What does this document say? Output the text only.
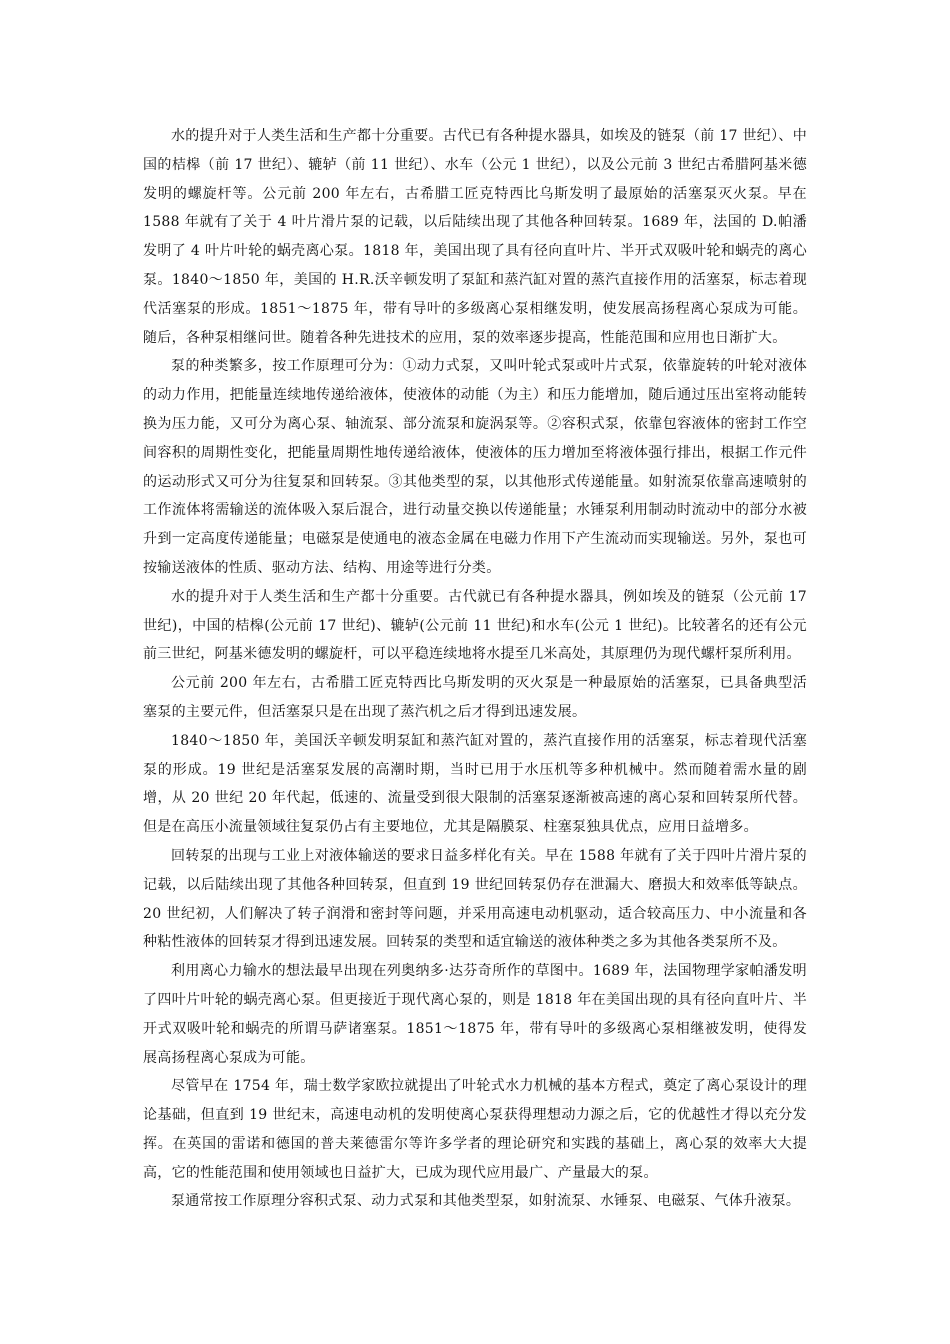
水的提升对于人类生活和生产都十分重要。古代已有各种提水器具，如埃及的链泵（前 17 世纪）、中国的桔槔（前 17 世纪）、辘轳（前 11 世纪）、水车（公元 1 世纪），以及公元前 3 世纪古希腊阿基米德发明的螺旋杆等。公元前 200 年左右，古希腊工匠克特西比乌斯发明了最原始的活塞泵灭火泵。早在 1588 年就有了关于 4 叶片滑片泵的记载，以后陆续出现了其他各种回转泵。1689 年，法国的 D.帕潘发明了 4 叶片叶轮的蜗壳离心泵。1818 年，美国出现了具有径向直叶片、半开式双吸叶轮和蜗壳的离心泵。1840～1850 年，美国的 H.R.沃辛顿发明了泵缸和蒸汽缸对置的蒸汽直接作用的活塞泵，标志着现代活塞泵的形成。1851～1875 年，带有导叶的多级离心泵相继发明，使发展高扬程离心泵成为可能。随后，各种泵相继问世。随着各种先进技术的应用，泵的效率逐步提高，性能范围和应用也日渐扩大。

泵的种类繁多，按工作原理可分为：①动力式泵，又叫叶轮式泵或叶片式泵，依靠旋转的叶轮对液体的动力作用，把能量连续地传递给液体，使液体的动能（为主）和压力能增加，随后通过压出室将动能转换为压力能，又可分为离心泵、轴流泵、部分流泵和旋涡泵等。②容积式泵，依靠包容液体的密封工作空间容积的周期性变化，把能量周期性地传递给液体，使液体的压力增加至将液体强行排出，根据工作元件的运动形式又可分为往复泵和回转泵。③其他类型的泵，以其他形式传递能量。如射流泵依靠高速喷射的工作流体将需输送的流体吸入泵后混合，进行动量交换以传递能量；水锤泵利用制动时流动中的部分水被升到一定高度传递能量；电磁泵是使通电的液态金属在电磁力作用下产生流动而实现输送。另外，泵也可按输送液体的性质、驱动方法、结构、用途等进行分类。

水的提升对于人类生活和生产都十分重要。古代就已有各种提水器具，例如埃及的链泵（公元前 17 世纪)，中国的桔槔(公元前 17 世纪)、辘轳(公元前 11 世纪)和水车(公元 1 世纪)。比较著名的还有公元前三世纪，阿基米德发明的螺旋杆，可以平稳连续地将水提至几米高处，其原理仍为现代螺杆泵所利用。

公元前 200 年左右，古希腊工匠克特西比乌斯发明的灭火泵是一种最原始的活塞泵，已具备典型活塞泵的主要元件，但活塞泵只是在出现了蒸汽机之后才得到迅速发展。

1840～1850 年，美国沃辛顿发明泵缸和蒸汽缸对置的，蒸汽直接作用的活塞泵，标志着现代活塞泵的形成。19 世纪是活塞泵发展的高潮时期，当时已用于水压机等多种机械中。然而随着需水量的剧增，从 20 世纪 20 年代起，低速的、流量受到很大限制的活塞泵逐渐被高速的离心泵和回转泵所代替。但是在高压小流量领域往复泵仍占有主要地位，尤其是隔膜泵、柱塞泵独具优点，应用日益增多。

回转泵的出现与工业上对液体输送的要求日益多样化有关。早在 1588 年就有了关于四叶片滑片泵的记载，以后陆续出现了其他各种回转泵，但直到 19 世纪回转泵仍存在泄漏大、磨损大和效率低等缺点。20 世纪初，人们解决了转子润滑和密封等问题，并采用高速电动机驱动，适合较高压力、中小流量和各种粘性液体的回转泵才得到迅速发展。回转泵的类型和适宜输送的液体种类之多为其他各类泵所不及。

利用离心力输水的想法最早出现在列奥纳多·达芬奇所作的草图中。1689 年，法国物理学家帕潘发明了四叶片叶轮的蜗壳离心泵。但更接近于现代离心泵的，则是 1818 年在美国出现的具有径向直叶片、半开式双吸叶轮和蜗壳的所谓马萨诸塞泵。1851～1875 年，带有导叶的多级离心泵相继被发明，使得发展高扬程离心泵成为可能。

尽管早在 1754 年，瑞士数学家欧拉就提出了叶轮式水力机械的基本方程式，奠定了离心泵设计的理论基础，但直到 19 世纪末，高速电动机的发明使离心泵获得理想动力源之后，它的优越性才得以充分发挥。在英国的雷诺和德国的普夫莱德雷尔等许多学者的理论研究和实践的基础上，离心泵的效率大大提高，它的性能范围和使用领域也日益扩大，已成为现代应用最广、产量最大的泵。

泵通常按工作原理分容积式泵、动力式泵和其他类型泵，如射流泵、水锤泵、电磁泵、气体升液泵。
